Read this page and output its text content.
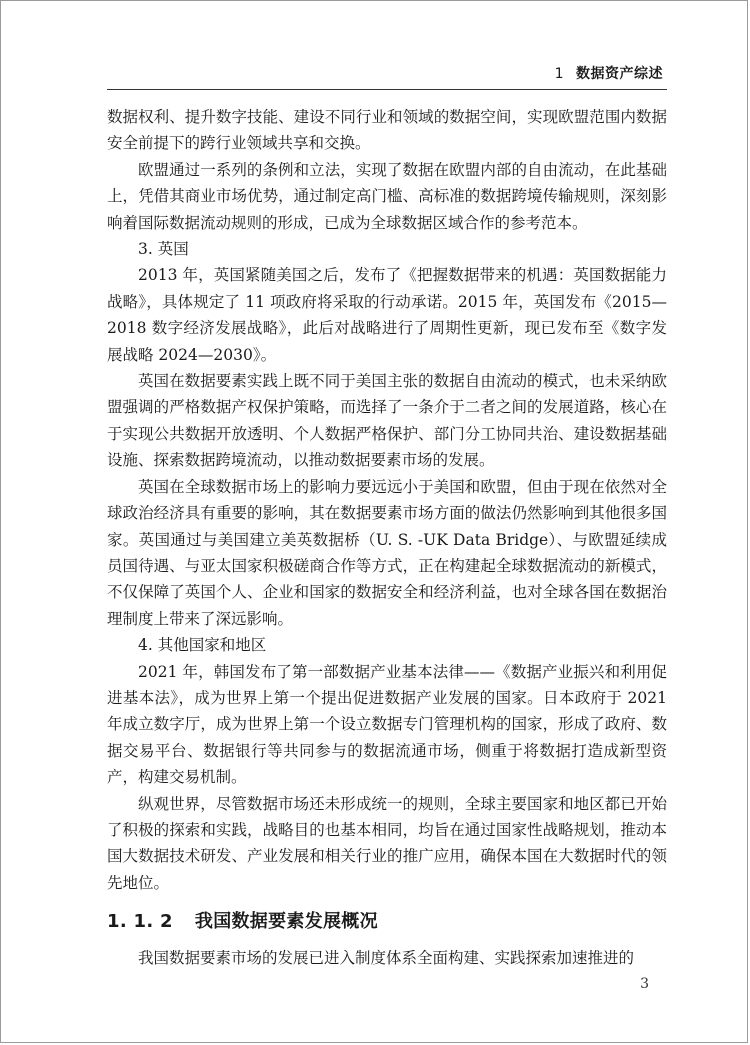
1 数据资产综述

数据权利、提升数字技能、建设不同行业和领域的数据空间，实现欧盟范围内数据安全前提下的跨行业领域共享和交换。

欧盟通过一系列的条例和立法，实现了数据在欧盟内部的自由流动，在此基础上，凭借其商业市场优势，通过制定高门槛、高标准的数据跨境传输规则，深刻影响着国际数据流动规则的形成，已成为全球数据区域合作的参考范本。

3. 英国

2013 年，英国紧随美国之后，发布了《把握数据带来的机遇：英国数据能力战略》，具体规定了 11 项政府将采取的行动承诺。2015 年，英国发布《2015—2018 数字经济发展战略》，此后对战略进行了周期性更新，现已发布至《数字发展战略 2024—2030》。

英国在数据要素实践上既不同于美国主张的数据自由流动的模式，也未采纳欧盟强调的严格数据产权保护策略，而选择了一条介于二者之间的发展道路，核心在于实现公共数据开放透明、个人数据严格保护、部门分工协同共治、建设数据基础设施、探索数据跨境流动，以推动数据要素市场的发展。

英国在全球数据市场上的影响力要远远小于美国和欧盟，但由于现在依然对全球政治经济具有重要的影响，其在数据要素市场方面的做法仍然影响到其他很多国家。英国通过与美国建立美英数据桥（U. S. -UK Data Bridge）、与欧盟延续成员国待遇、与亚太国家积极磋商合作等方式，正在构建起全球数据流动的新模式，不仅保障了英国个人、企业和国家的数据安全和经济利益，也对全球各国在数据治理制度上带来了深远影响。

4. 其他国家和地区

2021 年，韩国发布了第一部数据产业基本法律——《数据产业振兴和利用促进基本法》，成为世界上第一个提出促进数据产业发展的国家。日本政府于 2021 年成立数字厅，成为世界上第一个设立数据专门管理机构的国家，形成了政府、数据交易平台、数据银行等共同参与的数据流通市场，侧重于将数据打造成新型资产，构建交易机制。

纵观世界，尽管数据市场还未形成统一的规则，全球主要国家和地区都已开始了积极的探索和实践，战略目的也基本相同，均旨在通过国家性战略规划，推动本国大数据技术研发、产业发展和相关行业的推广应用，确保本国在大数据时代的领先地位。

1. 1. 2 我国数据要素发展概况

我国数据要素市场的发展已进入制度体系全面构建、实践探索加速推进的

3
